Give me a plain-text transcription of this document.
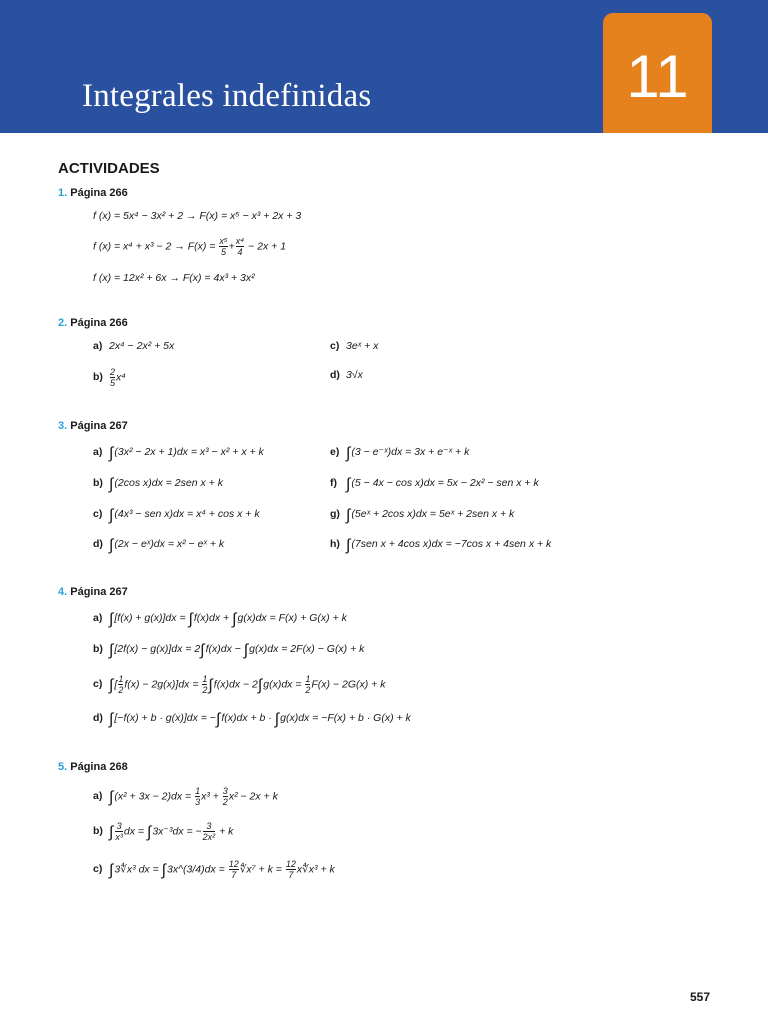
Integrales indefinidas	11
ACTIVIDADES
1. Página 266
f (x) = 5x⁴ − 3x² + 2 → F(x) = x⁵ − x³ + 2x + 3
f $(x) = x^4 + x^3 - 2 \to F(x) = \frac{\text{x⁵}}{5} + \frac{\text{x⁴}}{4} - 2x + 1$
f (x) = 12x² + 6x → F(x) = 4x³ + 3x²
2. Página 266
a) 2x⁴ − 2x² + 5x	c) 3eˣ + x
$b) \frac{2}{5} x^4$	d) 3√x
3. Página 267
a) ∫(3x² − 2x + 1)dx = x³ − x² + x + k	e) ∫(3 − e⁻ˣ)dx = 3x + e⁻ˣ + k
b) ∫(2cos x)dx = 2sen x + k	f) ∫(5 − 4x − cos x)dx = 5x − 2x² − sen x + k
c) ∫(4x³ − sen x)dx = x⁴ + cos x + k	g) ∫(5eˣ + 2cos x)dx = 5eˣ + 2sen x + k
d) ∫(2x − eˣ)dx = x² − eˣ + k	h) ∫(7sen x + 4cos x)dx = −7cos x + 4sen x + k
4. Página 267
a) ∫[f(x) + g(x)]dx = ∫f(x)dx + ∫g(x)dx = F(x) + G(x) + k
b) ∫[2f(x) − g(x)]dx = 2∫f(x)dx − ∫g(x)dx = 2F(x) − G(x) + k
c) ∫[ $\frac{1}{2} f(x) - 2g(x)]dx = \frac{1}{2} \int f(x)dx - 2\int g(x)dx = \frac{1}{2} F(x) - 2G(x) + k$
d) ∫[−f(x) + b · g(x)]dx = −∫f(x)dx + b · ∫g(x)dx = −F(x) + b · G(x) + k
5. Página 268
a) $\int(x^2 + 3x - 2)dx = \frac{1}{3} x^3 + \frac{3}{2} x^2 - 2x + k$
b) ∫ $\frac{3}{\text{x³}}$ dx = ∫3x⁻³dx = − $\frac{3}{\text{2x²}} + k$
c) ∫3∜x³ dx = ∫3x^(3/4)dx = $\frac{12}{7}$ ∜x⁷ + $k = \frac{12}{7}$ x∜x³ + k
557
